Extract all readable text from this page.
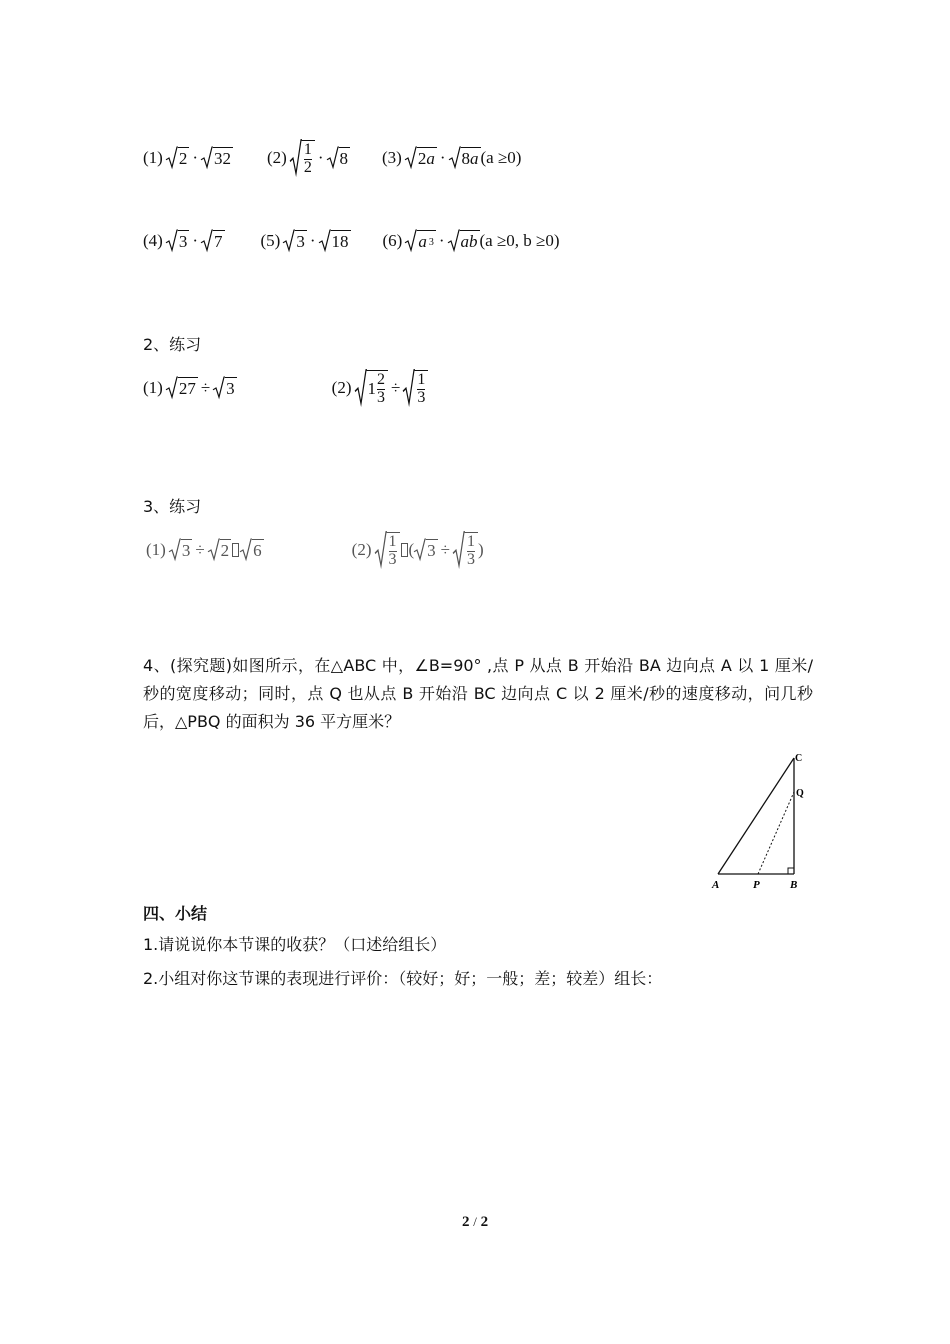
(1) 2 · 32 $(2) \frac{1}{2} \cdot 8$ (3) 2 a · 8 a (a ≥0)
(4) 3 · 7 (5) 3 · 18 (6) a 3 · ab (a ≥0, b ≥0)
2、练习
(1) 27 ÷ 3	(2) $1 \frac{2}{3} \div \frac{1}{3}$
3、练习
(1) 3 ÷ 2 6	$(2) \frac{1}{3}$ ( $3 \div \frac{1}{3}$ )
4、(探究题)如图所示，在△ABC 中，∠B=90° ,点 P 从点 B 开始沿 BA 边向点 A 以 1 厘米/秒的宽度移动；同时，点 Q 也从点 B 开始沿 BC 边向点 C 以 2 厘米/秒的速度移动，问几秒后，△PBQ 的面积为 36 平方厘米？
A	P	B
Q
C
四、小结
1.请说说你本节课的收获？（口述给组长）
2.小组对你这节课的表现进行评价：（较好；好；一般；差；较差）组长：
2 / 2
